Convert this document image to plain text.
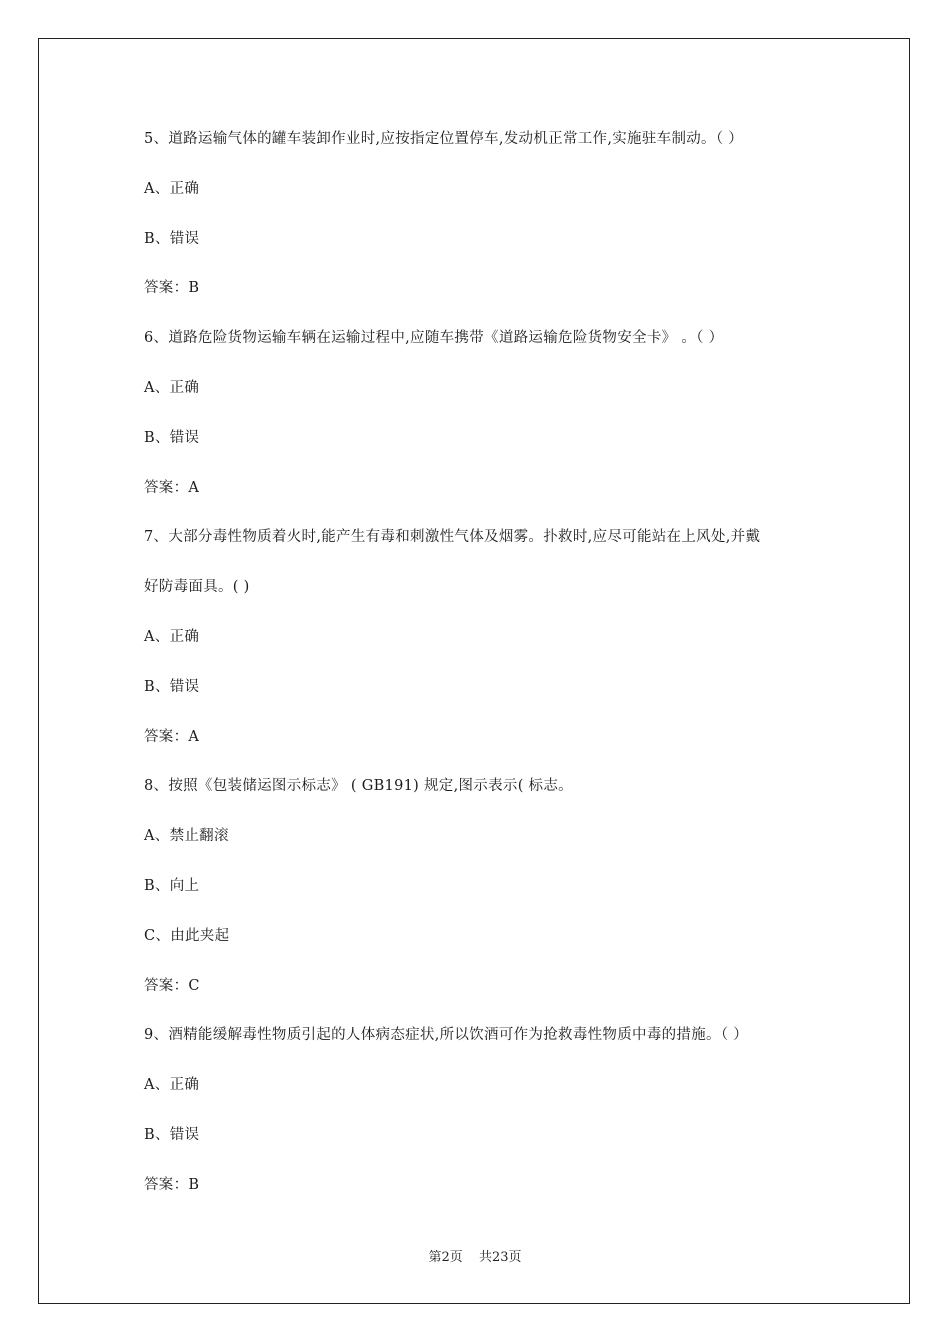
5、道路运输气体的罐车装卸作业时,应按指定位置停车,发动机正常工作,实施驻车制动。（ ）
A、正确
B、错误
答案：B
6、道路危险货物运输车辆在运输过程中,应随车携带《道路运输危险货物安全卡》 。（ ）
A、正确
B、错误
答案：A
7、大部分毒性物质着火时,能产生有毒和刺激性气体及烟雾。扑救时,应尽可能站在上风处,并戴
好防毒面具。( )
A、正确
B、错误
答案：A
8、按照《包装储运图示标志》 ( GB191) 规定,图示表示( 标志。
A、禁止翻滚
B、向上
C、由此夹起
答案：C
9、酒精能缓解毒性物质引起的人体病态症状,所以饮酒可作为抢救毒性物质中毒的措施。（ ）
A、正确
B、错误
答案：B
第2页 共23页
